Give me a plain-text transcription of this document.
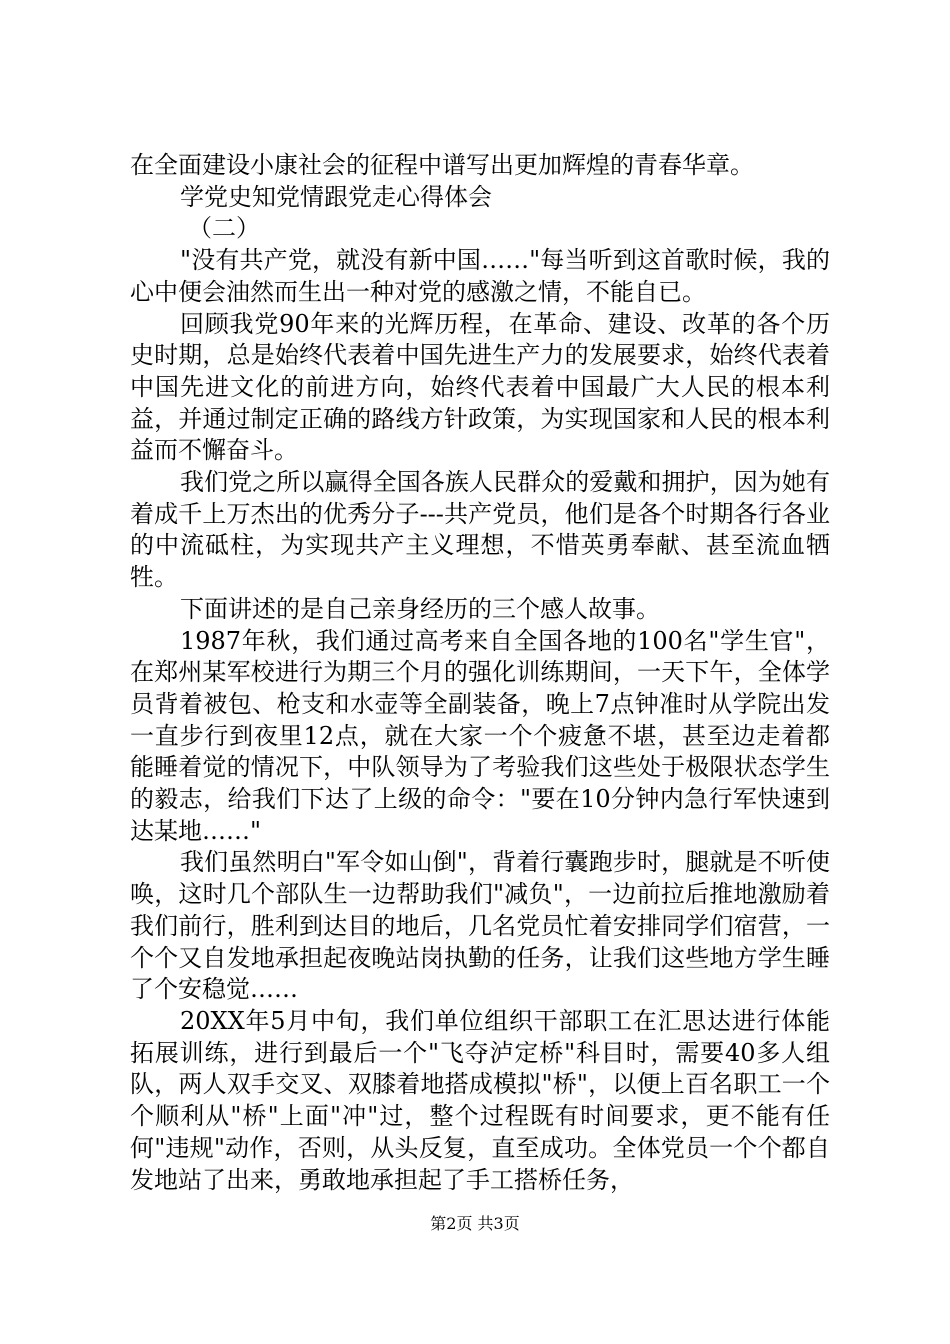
在全面建设小康社会的征程中谱写出更加辉煌的青春华章。

学党史知党情跟党走心得体会

（二）

"没有共产党，就没有新中国……"每当听到这首歌时候，我的心中便会油然而生出一种对党的感激之情，不能自已。

回顾我党90年来的光辉历程，在革命、建设、改革的各个历史时期，总是始终代表着中国先进生产力的发展要求，始终代表着中国先进文化的前进方向，始终代表着中国最广大人民的根本利益，并通过制定正确的路线方针政策，为实现国家和人民的根本利益而不懈奋斗。

我们党之所以赢得全国各族人民群众的爱戴和拥护，因为她有着成千上万杰出的优秀分子---共产党员，他们是各个时期各行各业的中流砥柱，为实现共产主义理想，不惜英勇奉献、甚至流血牺牲。

下面讲述的是自己亲身经历的三个感人故事。

1987年秋，我们通过高考来自全国各地的100名"学生官"，在郑州某军校进行为期三个月的强化训练期间，一天下午，全体学员背着被包、枪支和水壶等全副装备，晚上7点钟准时从学院出发一直步行到夜里12点，就在大家一个个疲惫不堪，甚至边走着都能睡着觉的情况下，中队领导为了考验我们这些处于极限状态学生的毅志，给我们下达了上级的命令："要在10分钟内急行军快速到达某地……"

我们虽然明白"军令如山倒"，背着行囊跑步时，腿就是不听使唤，这时几个部队生一边帮助我们"减负"，一边前拉后推地激励着我们前行，胜利到达目的地后，几名党员忙着安排同学们宿营，一个个又自发地承担起夜晚站岗执勤的任务，让我们这些地方学生睡了个安稳觉……

20XX年5月中旬，我们单位组织干部职工在汇思达进行体能拓展训练，进行到最后一个"飞夺泸定桥"科目时，需要40多人组队，两人双手交叉、双膝着地搭成模拟"桥"，以便上百名职工一个个顺利从"桥"上面"冲"过，整个过程既有时间要求，更不能有任何"违规"动作，否则，从头反复，直至成功。全体党员一个个都自发地站了出来，勇敢地承担起了手工搭桥任务，

第2页 共3页
